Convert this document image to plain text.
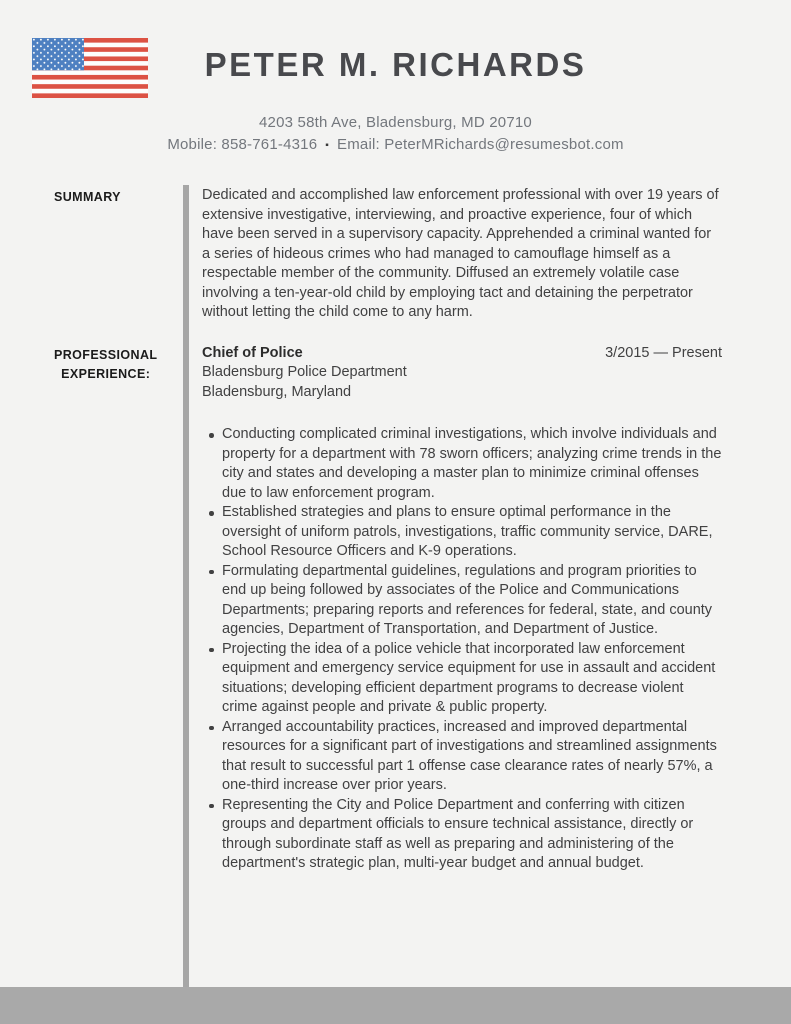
PETER M. RICHARDS
4203 58th Ave, Bladensburg, MD 20710
Mobile: 858-761-4316 ▪ Email: PeterMRichards@resumesbot.com
SUMMARY	Dedicated and accomplished law enforcement professional with over 19 years of extensive investigative, interviewing, and proactive experience, four of which have been served in a supervisory capacity. Apprehended a criminal wanted for a series of hideous crimes who had managed to camouflage himself as a respectable member of the community. Diffused an extremely volatile case involving a ten-year-old child by employing tact and detaining the perpetrator without letting the child come to any harm.

PROFESSIONAL
EXPERIENCE:
Chief of Police	3/2015 — Present
Bladensburg Police Department
Bladensburg, Maryland
Conducting complicated criminal investigations, which involve individuals and property for a department with 78 sworn officers; analyzing crime trends in the city and states and developing a master plan to minimize criminal offenses due to law enforcement program.
Established strategies and plans to ensure optimal performance in the oversight of uniform patrols, investigations, traffic community service, DARE, School Resource Officers and K-9 operations.
Formulating departmental guidelines, regulations and program priorities to end up being followed by associates of the Police and Communications Departments; preparing reports and references for federal, state, and county agencies, Department of Transportation, and Department of Justice.
Projecting the idea of a police vehicle that incorporated law enforcement equipment and emergency service equipment for use in assault and accident situations; developing efficient department programs to decrease violent crime against people and private & public property.
Arranged accountability practices, increased and improved departmental resources for a significant part of investigations and streamlined assignments that result to successful part 1 offense case clearance rates of nearly 57%, a one-third increase over prior years.
Representing the City and Police Department and conferring with citizen groups and department officials to ensure technical assistance, directly or through subordinate staff as well as preparing and administering of the department's strategic plan, multi-year budget and annual budget.
